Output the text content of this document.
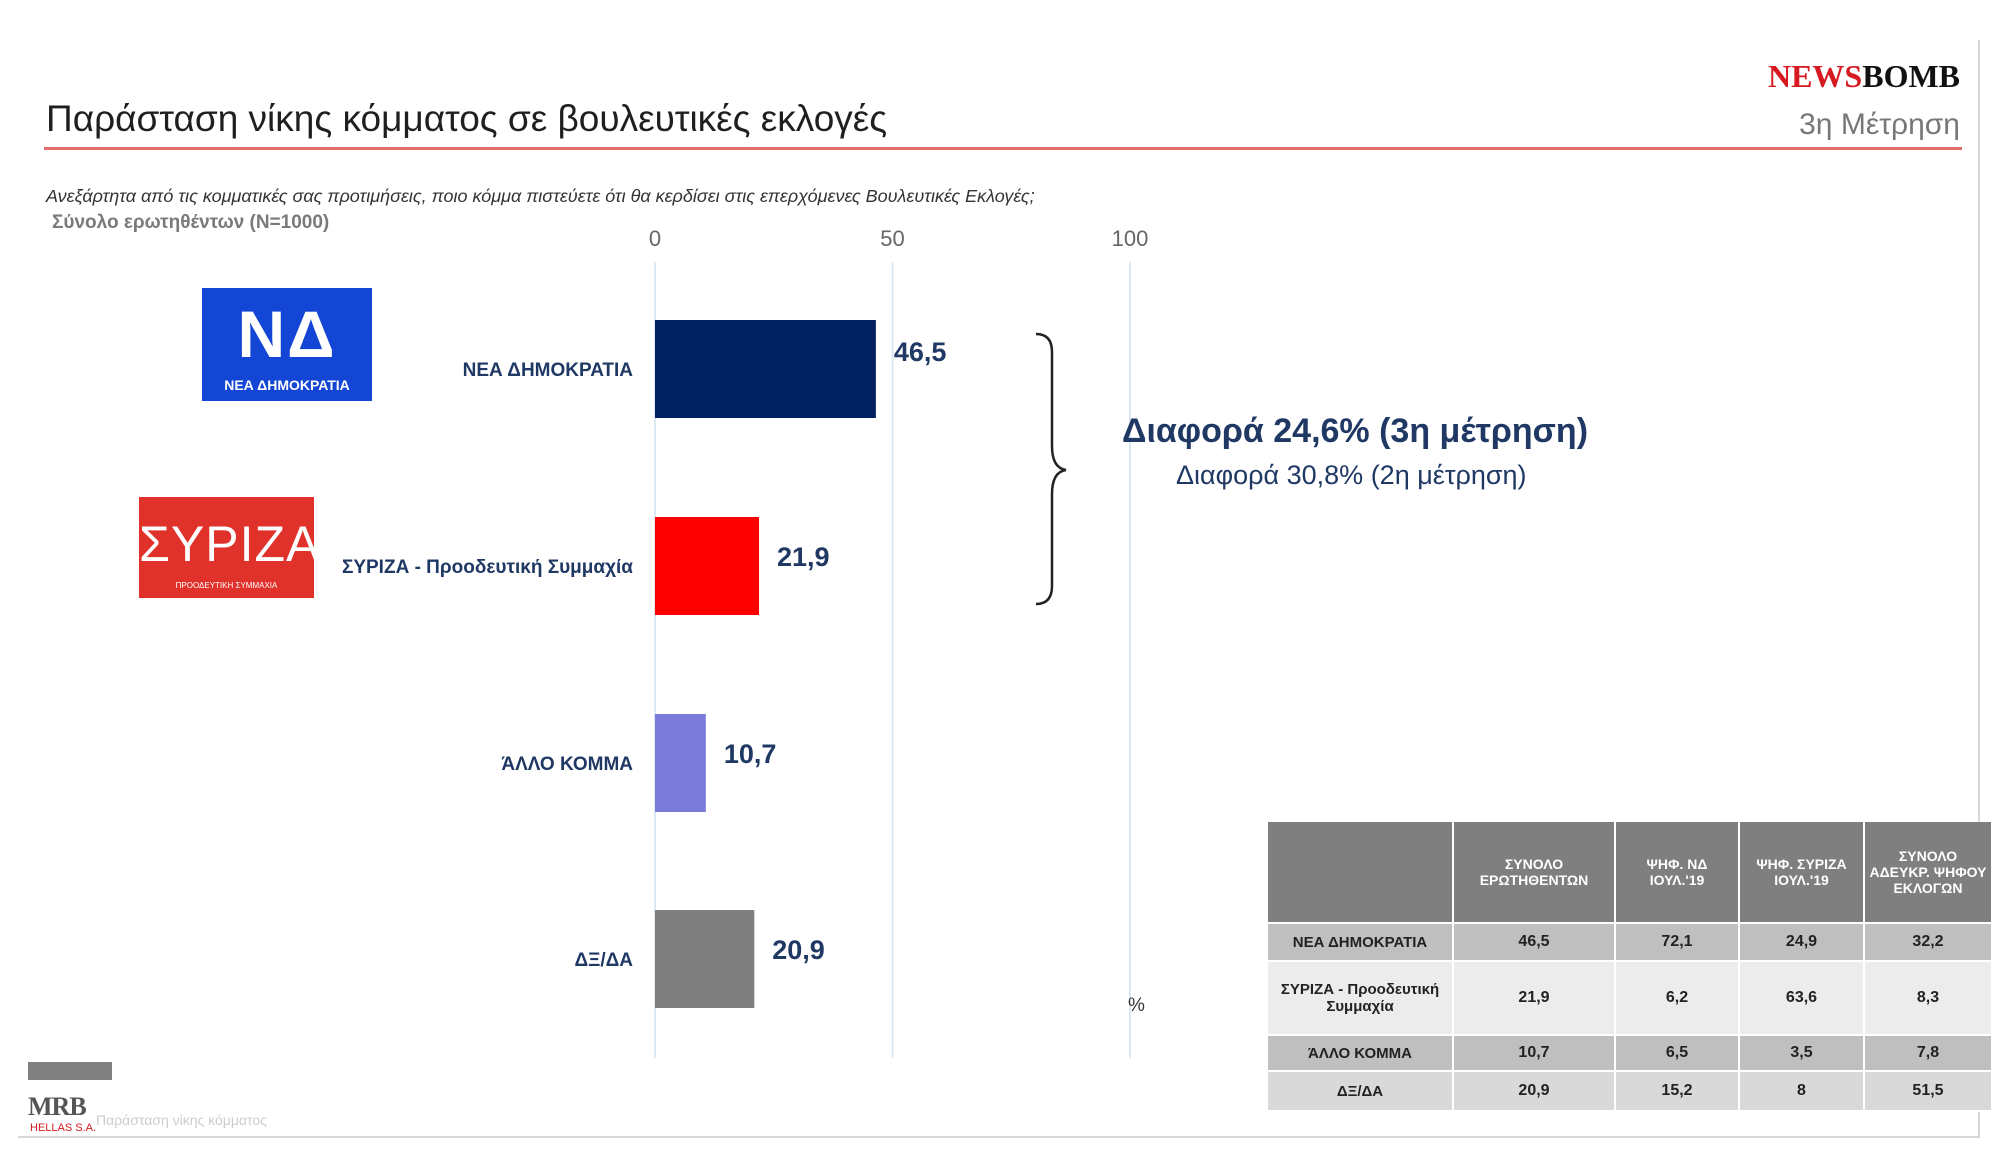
Παράσταση νίκης κόμματος σε βουλευτικές εκλογές
NEWSBOMB
3η Μέτρηση
Ανεξάρτητα από τις κομματικές σας προτιμήσεις, ποιο κόμμα πιστεύετε ότι θα κερδίσει στις επερχόμενες Βουλευτικές Εκλογές;
Σύνολο ερωτηθέντων (Ν=1000)
0	50	100
ΝΕΑ ΔΗΜΟΚΡΑΤΙΑ
46,5
ΣΥΡΙΖΑ - Προοδευτική Συμμαχία	21,9
ΆΛΛΟ ΚΟΜΜΑ	10,7
ΔΞ/ΔΑ	20,9
ΝΔ
ΝΕΑ ΔΗΜΟΚΡΑΤΙΑ
ΣΥΡΙΖΑ
ΠΡΟΟΔΕΥΤΙΚΗ ΣΥΜΜΑΧΙΑ
Διαφορά 24,6% (3η μέτρηση)
Διαφορά 30,8% (2η μέτρηση)
%
	ΣΥΝΟΛΟ ΕΡΩΤΗΘΕΝΤΩΝ	ΨΗΦ. ΝΔ ΙΟΥΛ.'19	ΨΗΦ. ΣΥΡΙΖΑ ΙΟΥΛ.'19	ΣΥΝΟΛΟ ΑΔΕΥΚΡ. ΨΗΦΟΥ ΕΚΛΟΓΩΝ
ΝΕΑ ΔΗΜΟΚΡΑΤΙΑ	46,5	72,1	24,9	32,2
ΣΥΡΙΖΑ - Προοδευτική Συμμαχία	21,9	6,2	63,6	8,3
ΆΛΛΟ ΚΟΜΜΑ	10,7	6,5	3,5	7,8
ΔΞ/ΔΑ	20,9	15,2	8	51,5
MRB
HELLAS S.A. Παράσταση νίκης κόμματος
